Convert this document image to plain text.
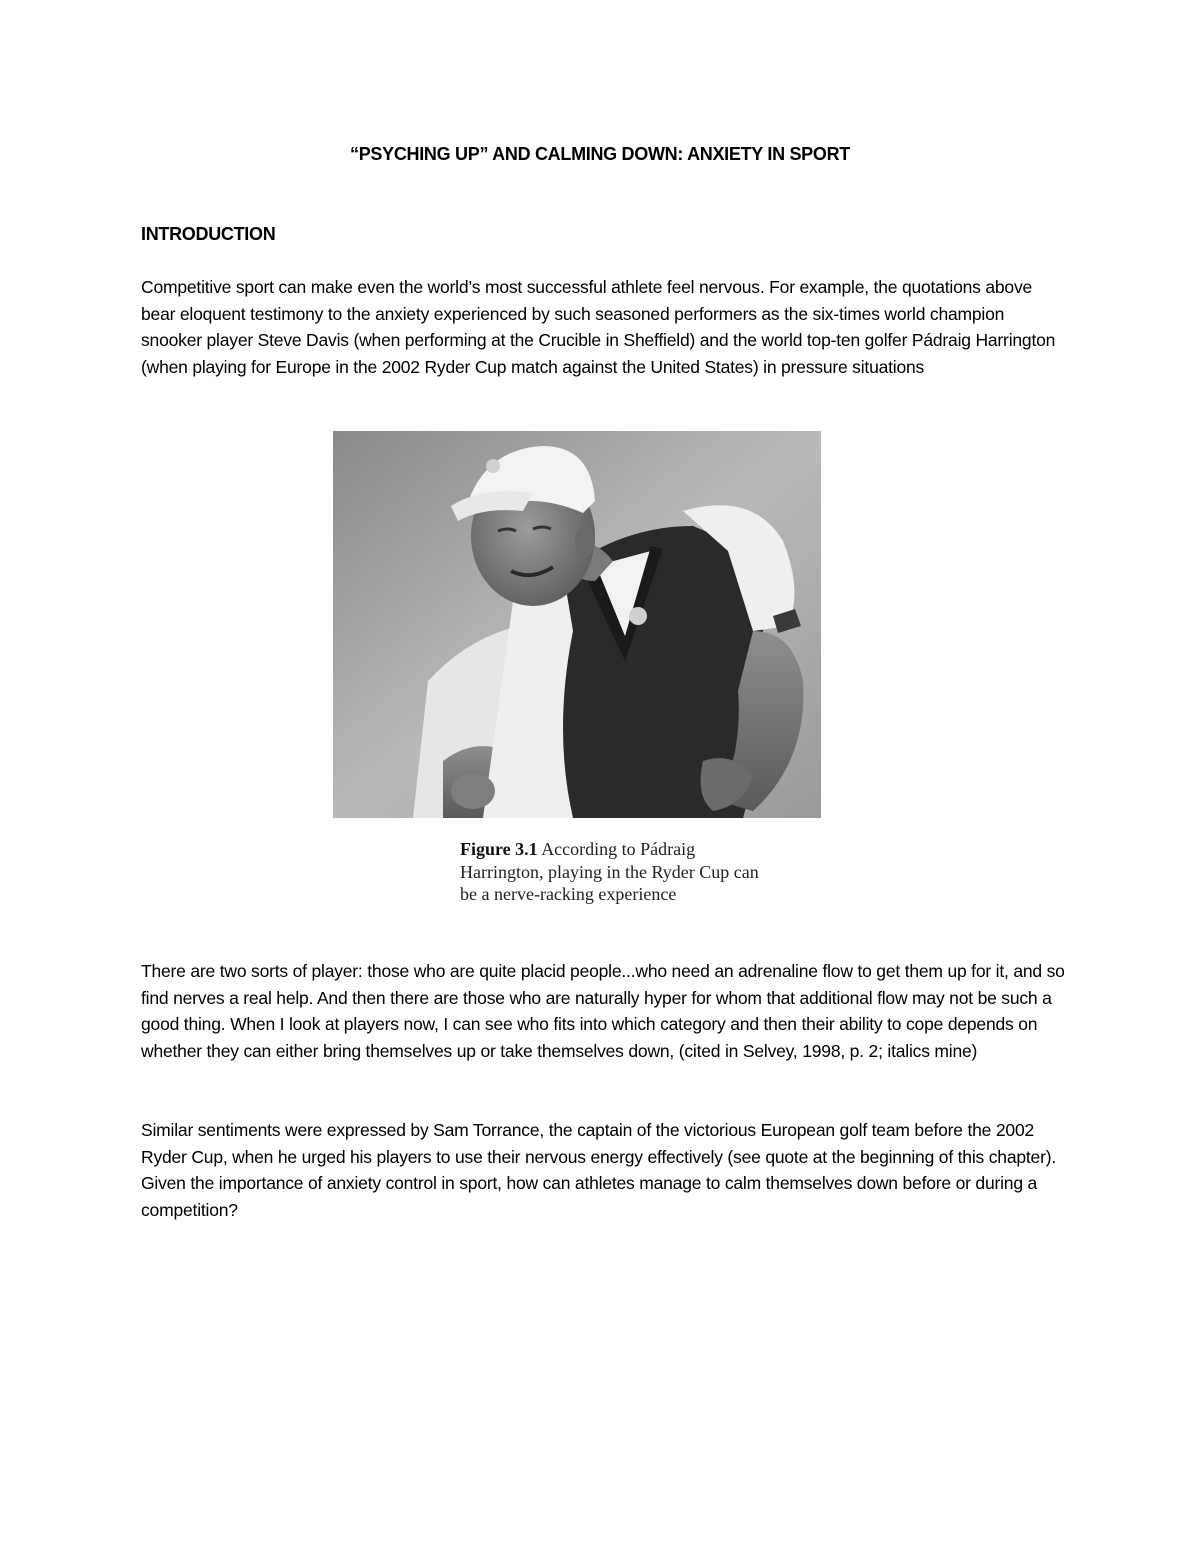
“PSYCHING UP” AND CALMING DOWN: ANXIETY IN SPORT
INTRODUCTION

Competitive sport can make even the world’s most successful athlete feel nervous. For example, the quotations above bear eloquent testimony to the anxiety experienced by such seasoned performers as the six-times world champion snooker player Steve Davis (when performing at the Crucible in Sheffield) and the world top-ten golfer Pádraig Harrington (when playing for Europe in the 2002 Ryder Cup match against the United States) in pressure situations

Figure 3.1 According to Pádraig Harrington, playing in the Ryder Cup can be a nerve-racking experience

There are two sorts of player: those who are quite placid people...who need an adrenaline flow to get them up for it, and so find nerves a real help. And then there are those who are naturally hyper for whom that additional flow may not be such a good thing. When I look at players now, I can see who fits into which category and then their ability to cope depends on whether they can either bring themselves up or take themselves down, (cited in Selvey, 1998, p. 2; italics mine)

Similar sentiments were expressed by Sam Torrance, the captain of the victorious European golf team before the 2002 Ryder Cup, when he urged his players to use their nervous energy effectively (see quote at the beginning of this chapter). Given the importance of anxiety control in sport, how can athletes manage to calm themselves down before or during a competition?
